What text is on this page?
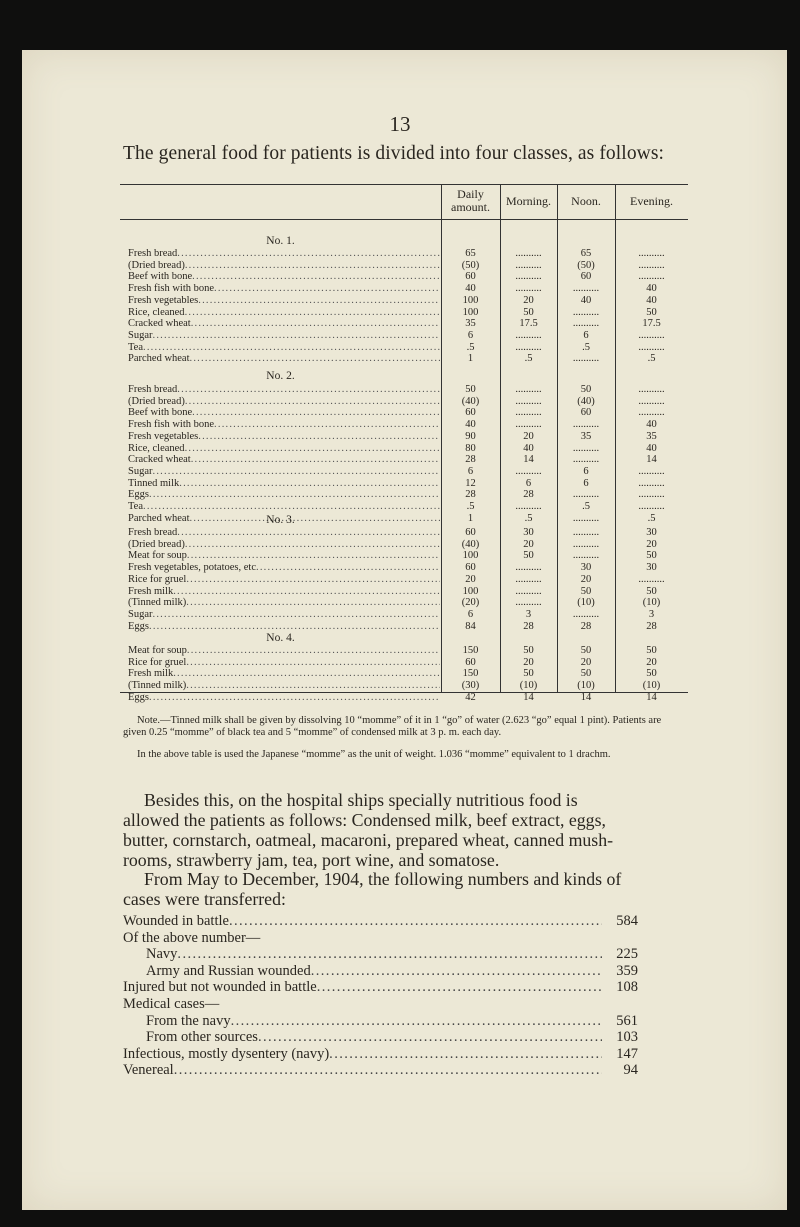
13
The general food for patients is divided into four classes, as follows:
Daily
amount.	Morning.	Noon.	Evening.
No. 1.
Fresh bread .....	65	..........	65	..........
(Dried bread) .....	(50)	..........	(50)	..........
Beef with bone .....	60	..........	60	..........
Fresh fish with bone .....	40	..........	..........	40
Fresh vegetables .....	100	20	40	40
Rice, cleaned .....	100	50	..........	50
Cracked wheat .....	35	17.5	..........	17.5
Sugar .....	6	..........	6	..........
Tea .....	.5	..........	.5	..........
Parched wheat .....	1	.5	..........	.5
No. 2.
Fresh bread .....	50	..........	50	..........
(Dried bread) .....	(40)	..........	(40)	..........
Beef with bone .....	60	..........	60	..........
Fresh fish with bone .....	40	..........	..........	40
Fresh vegetables .....	90	20	35	35
Rice, cleaned .....	80	40	..........	40
Cracked wheat .....	28	14	..........	14
Sugar .....	6	..........	6	..........
Tinned milk .....	12	6	6	..........
Eggs .....	28	28	..........	..........
Tea .....	.5	..........	.5	..........
Parched wheat .....	1	.5	..........	.5
No. 3.
Fresh bread .....	60	30	..........	30
(Dried bread) .....	(40)	20	..........	20
Meat for soup .....	100	50	..........	50
Fresh vegetables, potatoes, etc .....	60	..........	30	30
Rice for gruel .....	20	..........	20	..........
Fresh milk .....	100	..........	50	50
(Tinned milk) .....	(20)	..........	(10)	(10)
Sugar .....	6	3	..........	3
Eggs .....	84	28	28	28
No. 4.
Meat for soup .....	150	50	50	50
Rice for gruel .....	60	20	20	20
Fresh milk .....	150	50	50	50
(Tinned milk) .....	(30)	(10)	(10)	(10)
Eggs .....	42	14	14	14
Note.—Tinned milk shall be given by dissolving 10 “momme” of it in 1 “go” of water (2.623 “go” equal 1 pint). Patients are given 0.25 “momme” of black tea and 5 “momme” of condensed milk at 3 p. m. each day.
In the above table is used the Japanese “momme” as the unit of weight. 1.036 “momme” equivalent to 1 drachm.
Besides this, on the hospital ships specially nutritious food is
allowed the patients as follows: Condensed milk, beef extract, eggs,
butter, cornstarch, oatmeal, macaroni, prepared wheat, canned mush-
rooms, strawberry jam, tea, port wine, and somatose.
From May to December, 1904, the following numbers and kinds of
cases were transferred:
Wounded in battle .....	584
Of the above number—
Navy .....	225
Army and Russian wounded .....	359
Injured but not wounded in battle .....	108
Medical cases—
From the navy .....	561
From other sources .....	103
Infectious, mostly dysentery (navy) .....	147
Venereal .....	94
